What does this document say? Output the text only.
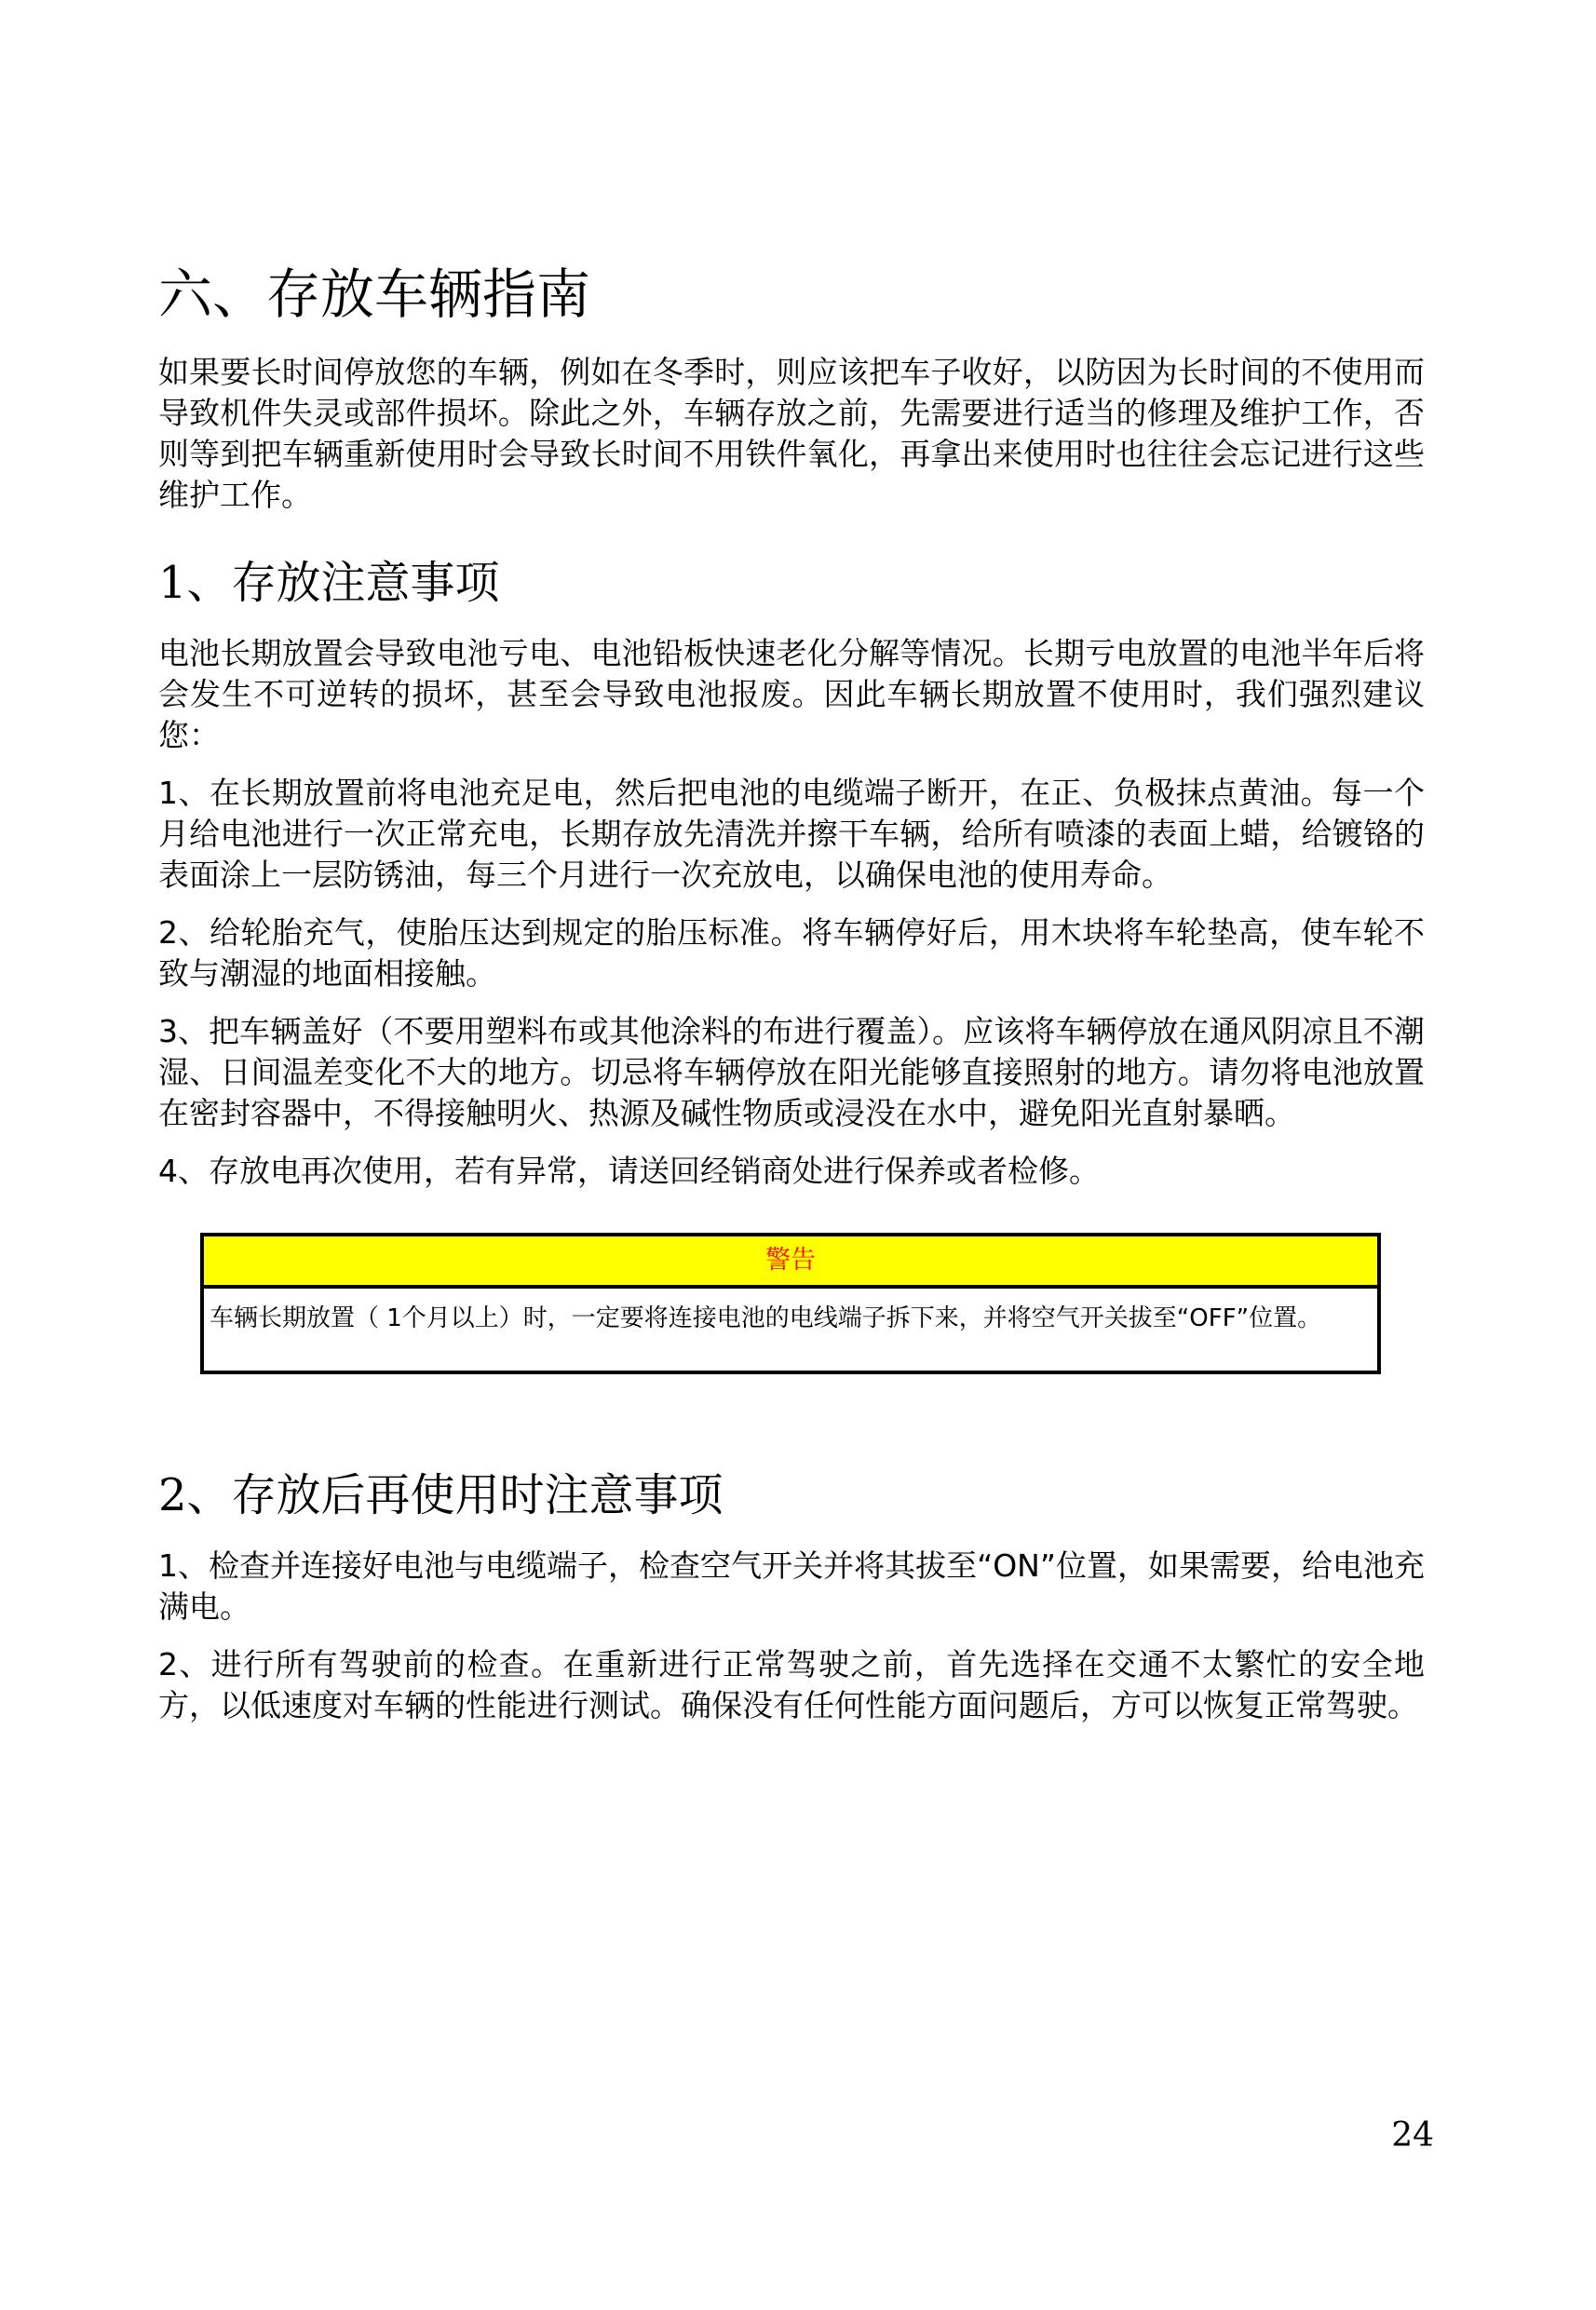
六、存放车辆指南

如果要长时间停放您的车辆，例如在冬季时，则应该把车子收好，以防因为长时间的不使用而导致机件失灵或部件损坏。除此之外，车辆存放之前，先需要进行适当的修理及维护工作，否则等到把车辆重新使用时会导致长时间不用铁件氧化，再拿出来使用时也往往会忘记进行这些维护工作。

1、存放注意事项

电池长期放置会导致电池亏电、电池铅板快速老化分解等情况。长期亏电放置的电池半年后将会发生不可逆转的损坏，甚至会导致电池报废。因此车辆长期放置不使用时，我们强烈建议您：

1、在长期放置前将电池充足电，然后把电池的电缆端子断开，在正、负极抹点黄油。每一个月给电池进行一次正常充电，长期存放先清洗并擦干车辆，给所有喷漆的表面上蜡，给镀铬的表面涂上一层防锈油，每三个月进行一次充放电，以确保电池的使用寿命。

2、给轮胎充气，使胎压达到规定的胎压标准。将车辆停好后，用木块将车轮垫高，使车轮不致与潮湿的地面相接触。

3、把车辆盖好（不要用塑料布或其他涂料的布进行覆盖）。应该将车辆停放在通风阴凉且不潮湿、日间温差变化不大的地方。切忌将车辆停放在阳光能够直接照射的地方。请勿将电池放置在密封容器中，不得接触明火、热源及碱性物质或浸没在水中，避免阳光直射暴晒。

4、存放电再次使用，若有异常，请送回经销商处进行保养或者检修。

警告
车辆长期放置（ 1个月以上）时，一定要将连接电池的电线端子拆下来，并将空气开关拔至“OFF”位置。
2、存放后再使用时注意事项

1、检查并连接好电池与电缆端子，检查空气开关并将其拔至“ON”位置，如果需要，给电池充满电。

2、进行所有驾驶前的检查。在重新进行正常驾驶之前，首先选择在交通不太繁忙的安全地方，以低速度对车辆的性能进行测试。确保没有任何性能方面问题后，方可以恢复正常驾驶。

24
